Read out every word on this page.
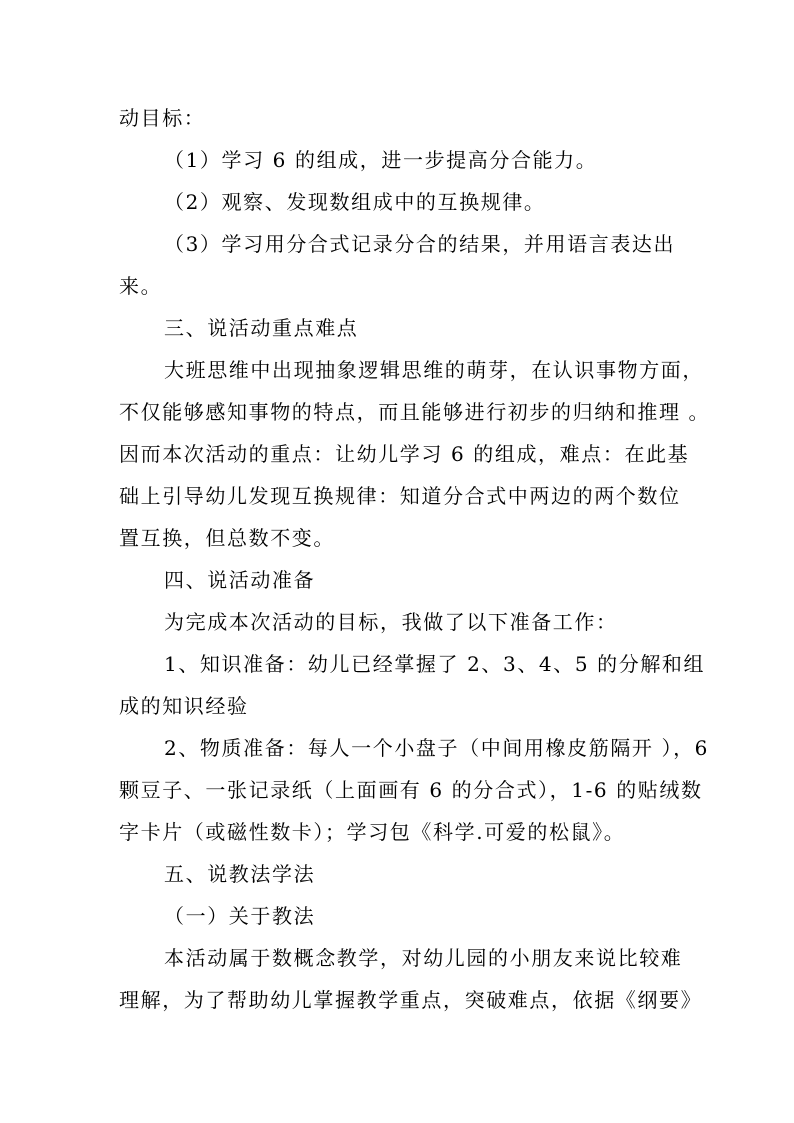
动目标：
（1）学习 6 的组成，进一步提高分合能力。
（2）观察、发现数组成中的互换规律。
（3）学习用分合式记录分合的结果，并用语言表达出
来。
三、说活动重点难点
大班思维中出现抽象逻辑思维的萌芽，在认识事物方面，
不仅能够感知事物的特点，而且能够进行初步的归纳和推理 。
因而本次活动的重点：让幼儿学习 6 的组成，难点：在此基
础上引导幼儿发现互换规律：知道分合式中两边的两个数位
置互换，但总数不变。
四、说活动准备
为完成本次活动的目标，我做了以下准备工作：
1、知识准备：幼儿已经掌握了 2、3、4、5 的分解和组
成的知识经验
2、物质准备：每人一个小盘子（中间用橡皮筋隔开 ），6
颗豆子、一张记录纸（上面画有 6 的分合式），1-6 的贴绒数
字卡片（或磁性数卡）；学习包《科学.可爱的松鼠》。
五、说教法学法
（一）关于教法
本活动属于数概念教学，对幼儿园的小朋友来说比较难
理解，为了帮助幼儿掌握教学重点，突破难点，依据《纲要》
